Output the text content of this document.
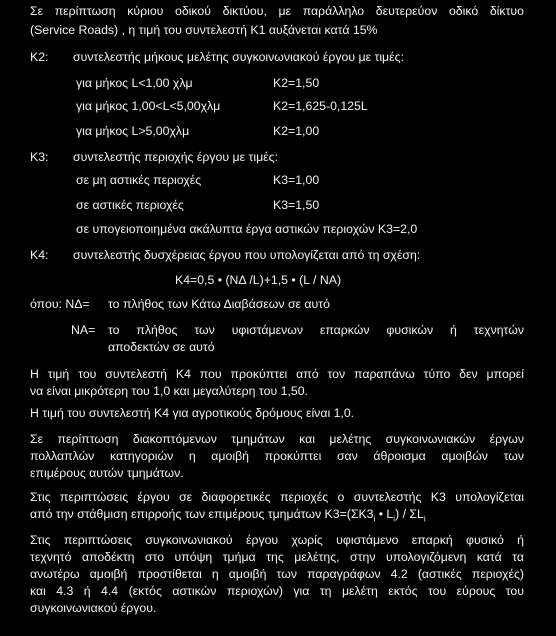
Σε περίπτωση κύριου οδικού δικτύου, με παράλληλο δευτερεύον οδικό δίκτυο
(Service Roads) , η τιμή του συντελεστή Κ1 αυξάνεται κατά 15%
Κ2: συντελεστής μήκους μελέτης συγκοινωνιακού έργου με τιμές:
για μήκος L<1,00 χλμ	Κ2=1,50
για μήκος 1,00<L<5,00χλμ	Κ2=1,625-0,125L
για μήκος L>5,00χλμ	Κ2=1,00
Κ3: συντελεστής περιοχής έργου με τιμές:
σε μη αστικές περιοχές	Κ3=1,00
σε αστικές περιοχές	Κ3=1,50
σε υπογειοποιημένα ακάλυπτα έργα αστικών περιοχών Κ3=2,0
Κ4: συντελεστής δυσχέρειας έργου που υπολογίζεται από τη σχέση:
Κ4=0,5 • (ΝΔ /L)+1,5 • (L / ΝΑ)
όπου: ΝΔ= το πλήθος των Κάτω Διαβάσεων σε αυτό
ΝΑ= το πλήθος των υφιστάμενων επαρκών φυσικών ή τεχνητών
αποδεκτών σε αυτό
Η τιμή του συντελεστή Κ4 που προκύπτει από τον παραπάνω τύπο δεν μπορεί
να είναι μικρότερη του 1,0 και μεγαλύτερη του 1,50.
Η τιμή του συντελεστή Κ4 για αγροτικούς δρόμους είναι 1,0.
Σε περίπτωση διακοπτόμενων τμημάτων και μελέτης συγκοινωνιακών έργων
πολλαπλών κατηγοριών η αμοιβή προκύπτει σαν άθροισμα αμοιβών των
επιμέρους αυτών τμημάτων.
Στις περιπτώσεις έργου σε διαφορετικές περιοχές ο συντελεστής Κ3 υπολογίζεται
από την στάθμιση επιρροής των επιμέρους τμημάτων $K3=(\Sigma K3_i$ • $L_i) / \Sigma L_i$
Στις περιπτώσεις συγκοινωνιακού έργου χωρίς υφιστάμενο επαρκή φυσικό ή
τεχνητό αποδέκτη στο υπόψη τμήμα της μελέτης, στην υπολογιζόμενη κατά τα
ανωτέρω αμοιβή προστίθεται η αμοιβή των παραγράφων 4.2 (αστικές περιοχές)
και 4.3 ή 4.4 (εκτός αστικών περιοχών) για τη μελέτη εκτός του εύρους του
συγκοινωνιακού έργου.
